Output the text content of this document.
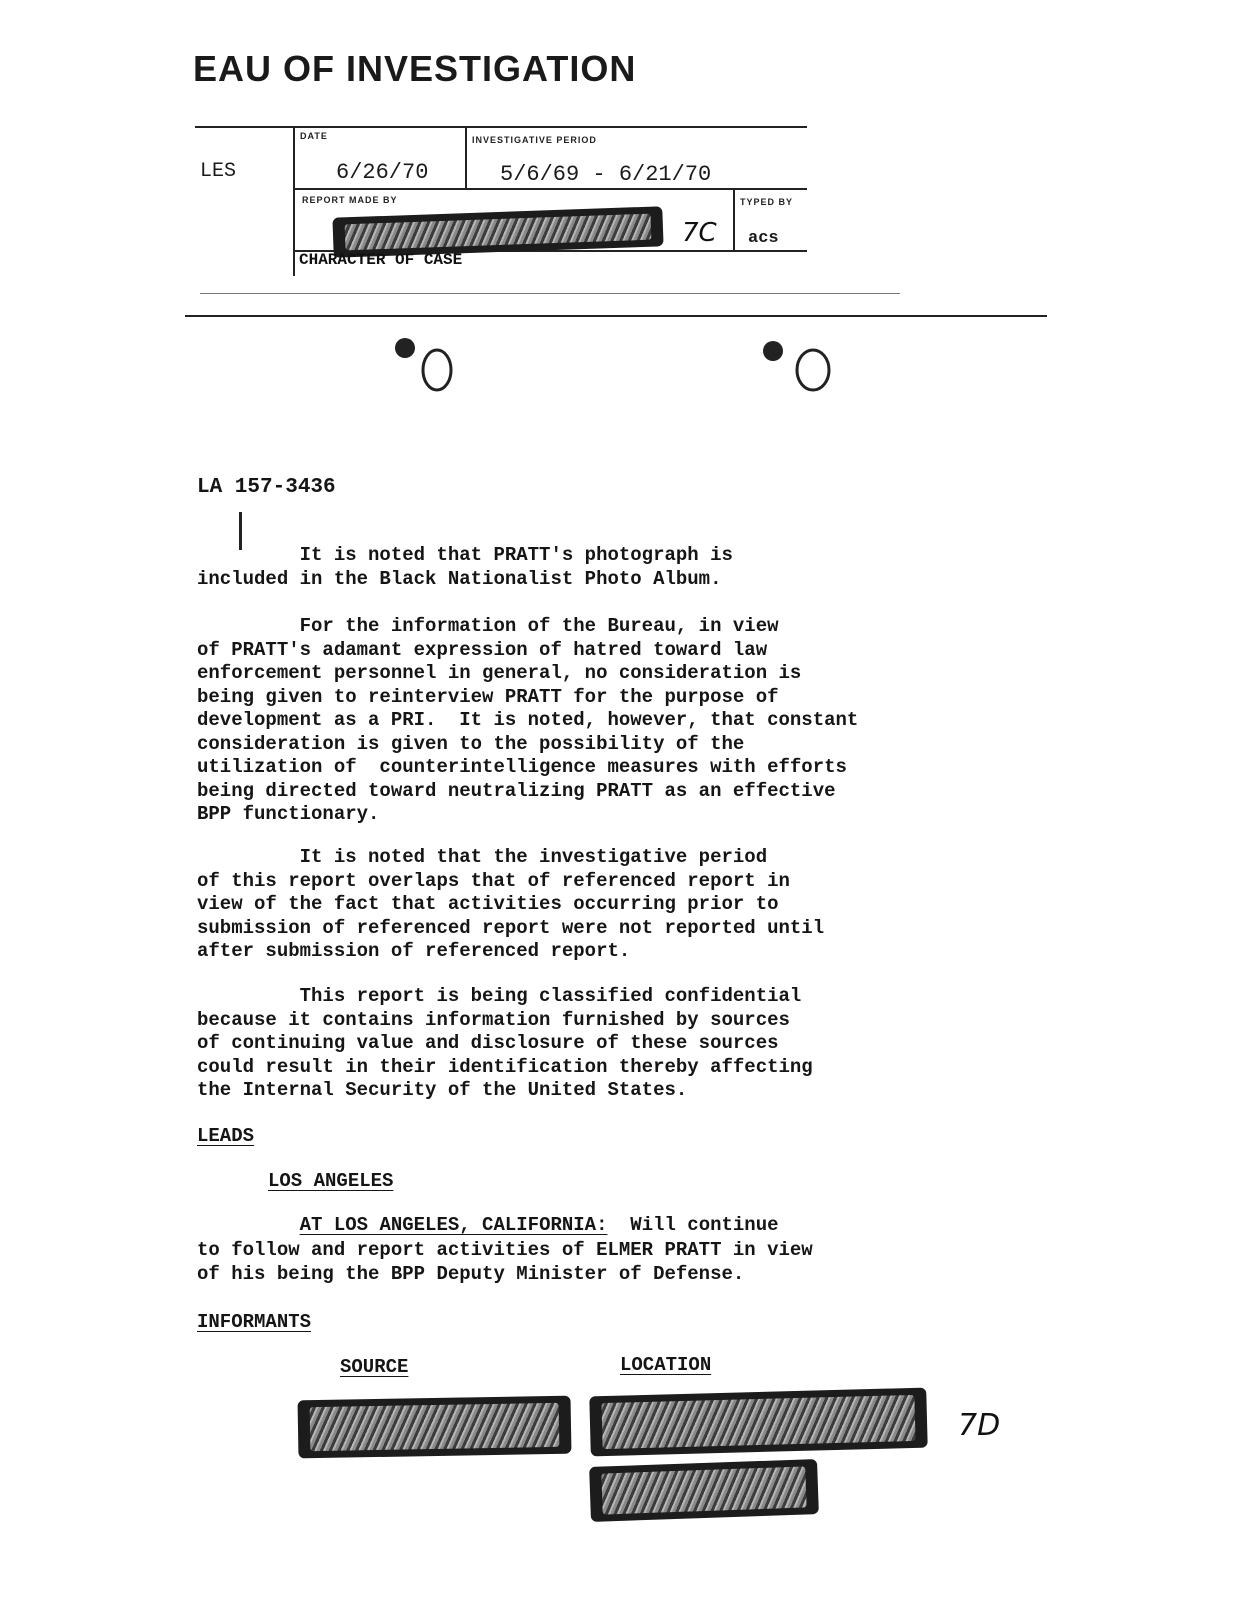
EAU OF INVESTIGATION
DATE	INVESTIGATIVE PERIOD
LES	6/26/70	5/6/69 - 6/21/70
REPORT MADE BY	TYPED BY
7C acs
CHARACTER OF CASE
LA 157-3436
It is noted that PRATT's photograph is
included in the Black Nationalist Photo Album.
For the information of the Bureau, in view
of PRATT's adamant expression of hatred toward law
enforcement personnel in general, no consideration is
being given to reinterview PRATT for the purpose of
development as a PRI.  It is noted, however, that constant
consideration is given to the possibility of the
utilization of  counterintelligence measures with efforts
being directed toward neutralizing PRATT as an effective
BPP functionary.
It is noted that the investigative period
of this report overlaps that of referenced report in
view of the fact that activities occurring prior to
submission of referenced report were not reported until
after submission of referenced report.
This report is being classified confidential
because it contains information furnished by sources
of continuing value and disclosure of these sources
could result in their identification thereby affecting
the Internal Security of the United States.
LEADS
LOS ANGELES
AT LOS ANGELES, CALIFORNIA:  Will continue
to follow and report activities of ELMER PRATT in view
of his being the BPP Deputy Minister of Defense.
INFORMANTS
SOURCE	LOCATION
7D
